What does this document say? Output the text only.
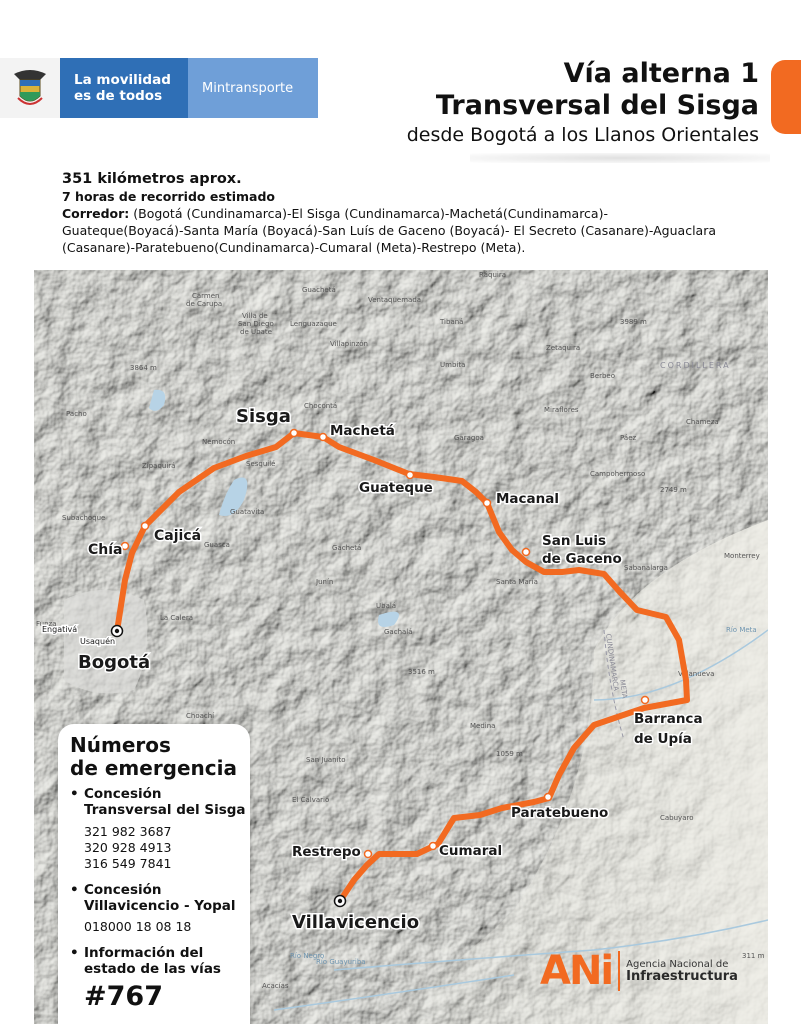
La movilidad
es de todos	Mintransporte	Vía alterna 1
Transversal del Sisga
desde Bogotá a los Llanos Orientales
351 kilómetros aprox.
7 horas de recorrido estimado
Corredor: (Bogotá (Cundinamarca)-El Sisga (Cundinamarca)-Machetá(Cundinamarca)-Guateque(Boyacá)-Santa María (Boyacá)-San Luís de Gaceno (Boyacá)- El Secreto (Casanare)-Aguaclara (Casanare)-Paratebueno(Cundinamarca)-Cumaral (Meta)-Restrepo (Meta).
Guachetá
Ventaquemada
Ráquira
Carmen
de Carupa
Villa de
San Diego
de Ubate
Lenguazaque	Tibaná
Villapinzón
Umbita
Zetaquira
Berbeo
3864 m
Pacho
Chocontá	Miraflores
Chameza
CORDILLERA
Nemocón
Sesquilé
Zipaquirá
Garagoa	Páez
Campohermoso
Subachoque
Guatavita
Guasca	Gachetá
Junín
Ubalá
Santa María
Sabanalarga
Monterrey
La Calera
Gachalá
Funza
Villanueva
Medina
Choachí
San Juanito
El Calvario
Cabuyaro
Acacías
Río Meta
Río Guayuriba
Río Negro
CUNDINAMARCA
META
2749 m
3989 m
1059 m
311 m
3516 m
Bogotá
Engativá
Usaquén
Chía
Cajicá
Sisga
Machetá
Guateque
Macanal
San Luis
de Gaceno
Barranca
de Upía
Paratebueno
Cumaral
Restrepo
Villavicencio
Números
de emergencia
• Concesión
Transversal del Sisga
321 982 3687
320 928 4913
316 549 7841
• Concesión
Villavicencio - Yopal
018000 18 08 18
• Información del
estado de las vías
#767
ANi Agencia Nacional de
Infraestructura
